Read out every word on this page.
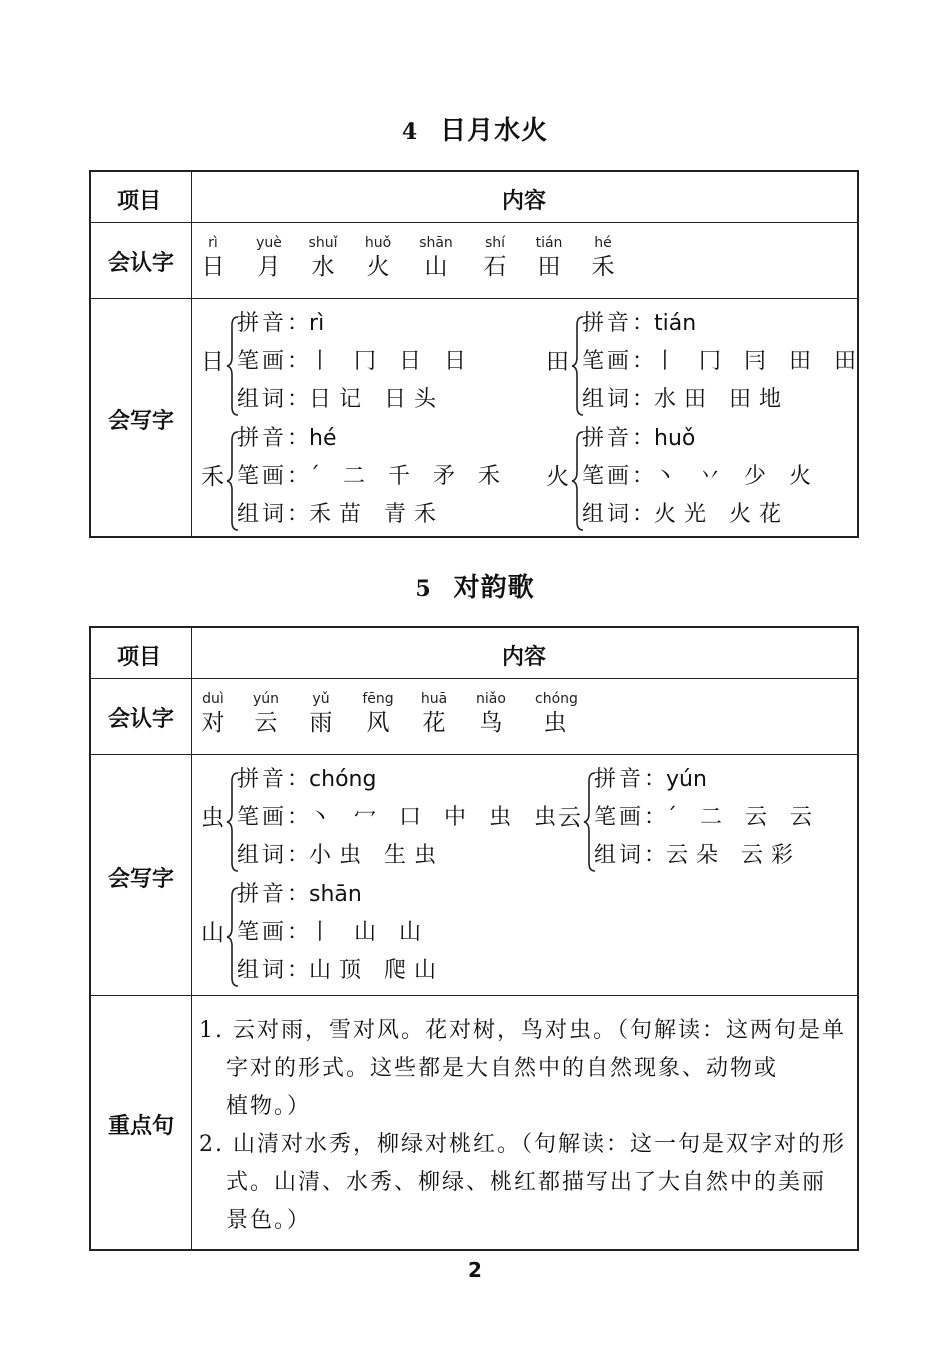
4 日月水火
项目	内容
会认字
rì
日
yuè
月
shuǐ
水
huǒ
火
shān
山
shí
石
tián
田
hé
禾
会写字
日
拼音：rì
笔画：丨 冂 日 日
组词：日记 日头
田
拼音：tián
笔画：丨 冂 冃 田 田
组词：水田 田地
禾
拼音：hé
笔画：ˊ 二 千 矛 禾
组词：禾苗 青禾
火
拼音：huǒ
笔画：丶 丷 少 火
组词：火光 火花
5 对韵歌
项目	内容
会认字
duì
对
yún
云
yǔ
雨
fēng
风
huā
花
niǎo
鸟
chóng
虫
会写字
虫
拼音：chóng
笔画：丶 冖 口 中 虫 虫
组词：小虫 生虫
云
拼音：yún
笔画：ˊ 二 云 云
组词：云朵 云彩
山
拼音：shān
笔画：丨 山 山
组词：山顶 爬山
重点句
1. 云对雨，雪对风。花对树，鸟对虫。（句解读：这两句是单
字对的形式。这些都是大自然中的自然现象、动物或
植物。）
2. 山清对水秀，柳绿对桃红。（句解读：这一句是双字对的形
式。山清、水秀、柳绿、桃红都描写出了大自然中的美丽
景色。）
2
